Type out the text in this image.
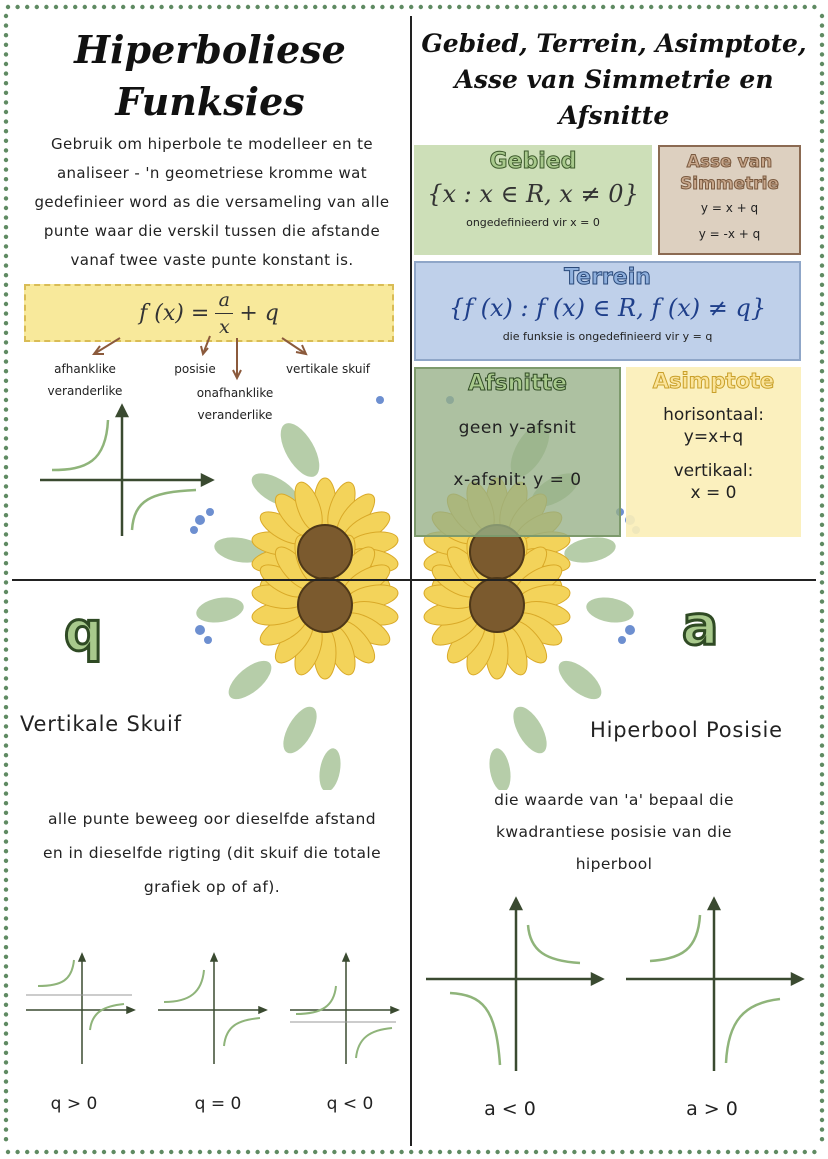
Hiperboliese
Funksies
Gebruik om hiperbole te modelleer en te
analiseer - 'n geometriese kromme wat
gedefinieer word as die versameling van alle
punte waar die verskil tussen die afstande
vanaf twee vaste punte konstant is.
f $(x) = \frac{a}{x} + q$
afhanklike
veranderlike
posisie
onafhanklike
veranderlike
vertikale skuif
Gebied, Terrein, Asimptote,
Asse van Simmetrie en
Afsnitte
Gebied
{x : x ∈ R, x ≠ 0}
ongedefinieerd vir x = 0
Asse van
Simmetrie
y = x + q
y = -x + q
Terrein
{f (x) : f (x) ∈ R, f (x) ≠ q}
die funksie is ongedefinieerd vir y = q
Afsnitte
geen y-afsnit
x-afsnit: y = 0
Asimptote
horisontaal:
y=x+q
vertikaal:
x = 0
q
Vertikale Skuif
alle punte beweeg oor dieselfde afstand
en in dieselfde rigting (dit skuif die totale
grafiek op of af).
q > 0	q = 0	q < 0
a
Hiperbool Posisie
die waarde van 'a' bepaal die
kwadrantiese posisie van die
hiperbool
a < 0	a > 0
